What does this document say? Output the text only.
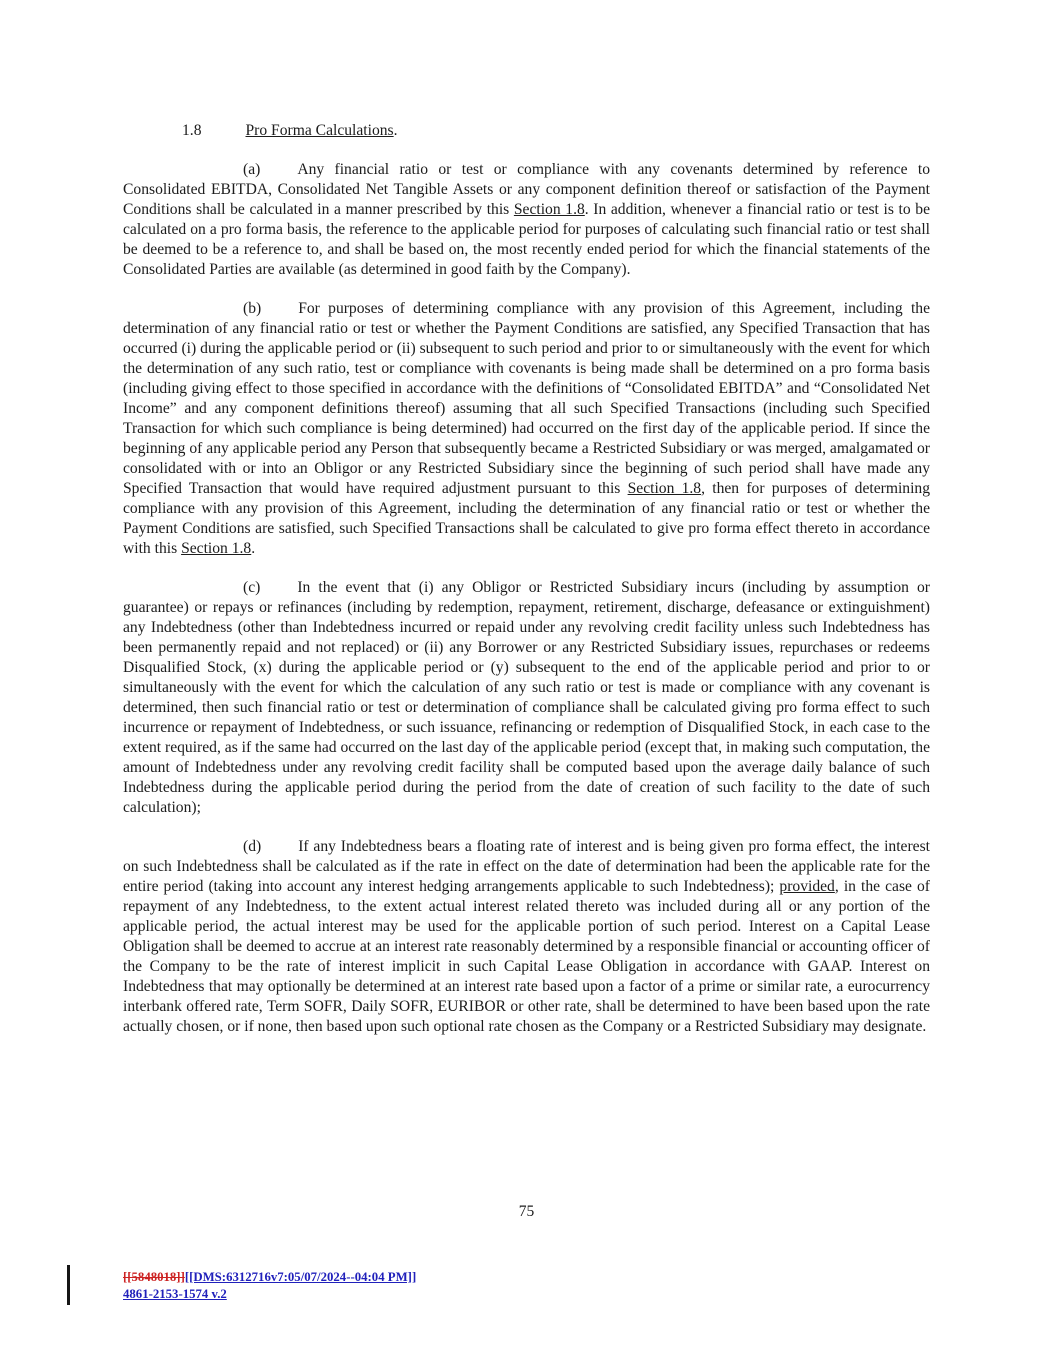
1.8	Pro Forma Calculations.

(a) Any financial ratio or test or compliance with any covenants determined by reference to Consolidated EBITDA, Consolidated Net Tangible Assets or any component definition thereof or satisfaction of the Payment Conditions shall be calculated in a manner prescribed by this Section 1.8. In addition, whenever a financial ratio or test is to be calculated on a pro forma basis, the reference to the applicable period for purposes of calculating such financial ratio or test shall be deemed to be a reference to, and shall be based on, the most recently ended period for which the financial statements of the Consolidated Parties are available (as determined in good faith by the Company).

(b) For purposes of determining compliance with any provision of this Agreement, including the determination of any financial ratio or test or whether the Payment Conditions are satisfied, any Specified Transaction that has occurred (i) during the applicable period or (ii) subsequent to such period and prior to or simultaneously with the event for which the determination of any such ratio, test or compliance with covenants is being made shall be determined on a pro forma basis (including giving effect to those specified in accordance with the definitions of “Consolidated EBITDA” and “Consolidated Net Income” and any component definitions thereof) assuming that all such Specified Transactions (including such Specified Transaction for which such compliance is being determined) had occurred on the first day of the applicable period. If since the beginning of any applicable period any Person that subsequently became a Restricted Subsidiary or was merged, amalgamated or consolidated with or into an Obligor or any Restricted Subsidiary since the beginning of such period shall have made any Specified Transaction that would have required adjustment pursuant to this Section 1.8, then for purposes of determining compliance with any provision of this Agreement, including the determination of any financial ratio or test or whether the Payment Conditions are satisfied, such Specified Transactions shall be calculated to give pro forma effect thereto in accordance with this Section 1.8.

(c) In the event that (i) any Obligor or Restricted Subsidiary incurs (including by assumption or guarantee) or repays or refinances (including by redemption, repayment, retirement, discharge, defeasance or extinguishment) any Indebtedness (other than Indebtedness incurred or repaid under any revolving credit facility unless such Indebtedness has been permanently repaid and not replaced) or (ii) any Borrower or any Restricted Subsidiary issues, repurchases or redeems Disqualified Stock, (x) during the applicable period or (y) subsequent to the end of the applicable period and prior to or simultaneously with the event for which the calculation of any such ratio or test is made or compliance with any covenant is determined, then such financial ratio or test or determination of compliance shall be calculated giving pro forma effect to such incurrence or repayment of Indebtedness, or such issuance, refinancing or redemption of Disqualified Stock, in each case to the extent required, as if the same had occurred on the last day of the applicable period (except that, in making such computation, the amount of Indebtedness under any revolving credit facility shall be computed based upon the average daily balance of such Indebtedness during the applicable period during the period from the date of creation of such facility to the date of such calculation);

(d) If any Indebtedness bears a floating rate of interest and is being given pro forma effect, the interest on such Indebtedness shall be calculated as if the rate in effect on the date of determination had been the applicable rate for the entire period (taking into account any interest hedging arrangements applicable to such Indebtedness); provided, in the case of repayment of any Indebtedness, to the extent actual interest related thereto was included during all or any portion of the applicable period, the actual interest may be used for the applicable portion of such period. Interest on a Capital Lease Obligation shall be deemed to accrue at an interest rate reasonably determined by a responsible financial or accounting officer of the Company to be the rate of interest implicit in such Capital Lease Obligation in accordance with GAAP. Interest on Indebtedness that may optionally be determined at an interest rate based upon a factor of a prime or similar rate, a eurocurrency interbank offered rate, Term SOFR, Daily SOFR, EURIBOR or other rate, shall be determined to have been based upon the rate actually chosen, or if none, then based upon such optional rate chosen as the Company or a Restricted Subsidiary may designate.

75
[[5848018]][[DMS:6312716v7:05/07/2024--04:04 PM]]
4861-2153-1574 v.2
